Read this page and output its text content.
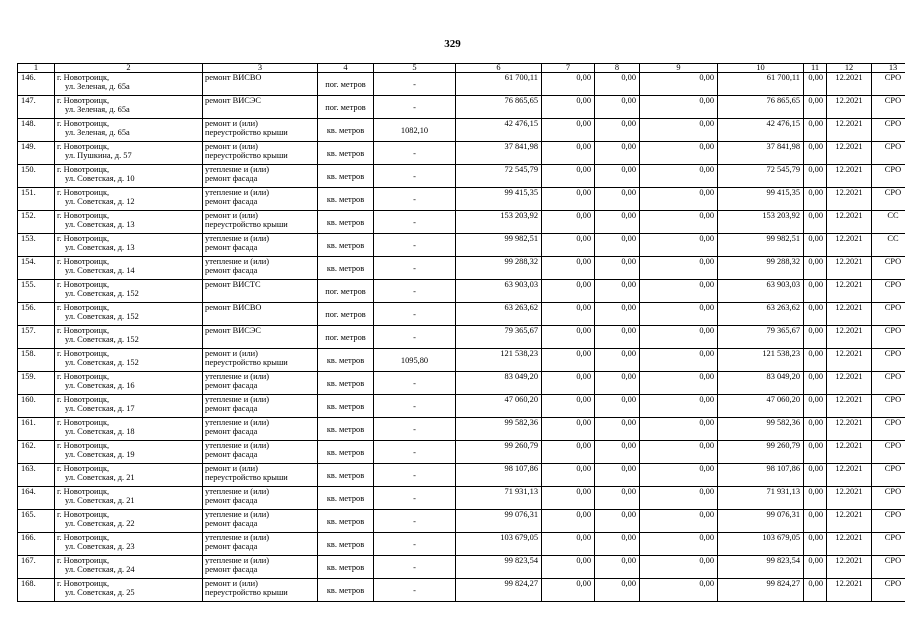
329
1	2	3	4	5	6	7	8	9	10	11	12	13
146.	г. Новотроицк,
ул. Зеленая, д. 65а	ремонт ВИСВО	пог. метров	-	61 700,11	0,00	0,00	0,00	61 700,11	0,00	12.2021	СРО
147.	г. Новотроицк,
ул. Зеленая, д. 65а	ремонт ВИСЭС	пог. метров	-	76 865,65	0,00	0,00	0,00	76 865,65	0,00	12.2021	СРО
148.	г. Новотроицк,
ул. Зеленая, д. 65а	ремонт и (или)
переустройство крыши	кв. метров	1082,10	42 476,15	0,00	0,00	0,00	42 476,15	0,00	12.2021	СРО
149.	г. Новотроицк,
ул. Пушкина, д. 57	ремонт и (или)
переустройство крыши	кв. метров	-	37 841,98	0,00	0,00	0,00	37 841,98	0,00	12.2021	СРО
150.	г. Новотроицк,
ул. Советская, д. 10	утепление и (или)
ремонт фасада	кв. метров	-	72 545,79	0,00	0,00	0,00	72 545,79	0,00	12.2021	СРО
151.	г. Новотроицк,
ул. Советская, д. 12	утепление и (или)
ремонт фасада	кв. метров	-	99 415,35	0,00	0,00	0,00	99 415,35	0,00	12.2021	СРО
152.	г. Новотроицк,
ул. Советская, д. 13	ремонт и (или)
переустройство крыши	кв. метров	-	153 203,92	0,00	0,00	0,00	153 203,92	0,00	12.2021	СС
153.	г. Новотроицк,
ул. Советская, д. 13	утепление и (или)
ремонт фасада	кв. метров	-	99 982,51	0,00	0,00	0,00	99 982,51	0,00	12.2021	СС
154.	г. Новотроицк,
ул. Советская, д. 14	утепление и (или)
ремонт фасада	кв. метров	-	99 288,32	0,00	0,00	0,00	99 288,32	0,00	12.2021	СРО
155.	г. Новотроицк,
ул. Советская, д. 152	ремонт ВИСТС	пог. метров	-	63 903,03	0,00	0,00	0,00	63 903,03	0,00	12.2021	СРО
156.	г. Новотроицк,
ул. Советская, д. 152	ремонт ВИСВО	пог. метров	-	63 263,62	0,00	0,00	0,00	63 263,62	0,00	12.2021	СРО
157.	г. Новотроицк,
ул. Советская, д. 152	ремонт ВИСЭС	пог. метров	-	79 365,67	0,00	0,00	0,00	79 365,67	0,00	12.2021	СРО
158.	г. Новотроицк,
ул. Советская, д. 152	ремонт и (или)
переустройство крыши	кв. метров	1095,80	121 538,23	0,00	0,00	0,00	121 538,23	0,00	12.2021	СРО
159.	г. Новотроицк,
ул. Советская, д. 16	утепление и (или)
ремонт фасада	кв. метров	-	83 049,20	0,00	0,00	0,00	83 049,20	0,00	12.2021	СРО
160.	г. Новотроицк,
ул. Советская, д. 17	утепление и (или)
ремонт фасада	кв. метров	-	47 060,20	0,00	0,00	0,00	47 060,20	0,00	12.2021	СРО
161.	г. Новотроицк,
ул. Советская, д. 18	утепление и (или)
ремонт фасада	кв. метров	-	99 582,36	0,00	0,00	0,00	99 582,36	0,00	12.2021	СРО
162.	г. Новотроицк,
ул. Советская, д. 19	утепление и (или)
ремонт фасада	кв. метров	-	99 260,79	0,00	0,00	0,00	99 260,79	0,00	12.2021	СРО
163.	г. Новотроицк,
ул. Советская, д. 21	ремонт и (или)
переустройство крыши	кв. метров	-	98 107,86	0,00	0,00	0,00	98 107,86	0,00	12.2021	СРО
164.	г. Новотроицк,
ул. Советская, д. 21	утепление и (или)
ремонт фасада	кв. метров	-	71 931,13	0,00	0,00	0,00	71 931,13	0,00	12.2021	СРО
165.	г. Новотроицк,
ул. Советская, д. 22	утепление и (или)
ремонт фасада	кв. метров	-	99 076,31	0,00	0,00	0,00	99 076,31	0,00	12.2021	СРО
166.	г. Новотроицк,
ул. Советская, д. 23	утепление и (или)
ремонт фасада	кв. метров	-	103 679,05	0,00	0,00	0,00	103 679,05	0,00	12.2021	СРО
167.	г. Новотроицк,
ул. Советская, д. 24	утепление и (или)
ремонт фасада	кв. метров	-	99 823,54	0,00	0,00	0,00	99 823,54	0,00	12.2021	СРО
168.	г. Новотроицк,
ул. Советская, д. 25	ремонт и (или)
переустройство крыши	кв. метров	-	99 824,27	0,00	0,00	0,00	99 824,27	0,00	12.2021	СРО
